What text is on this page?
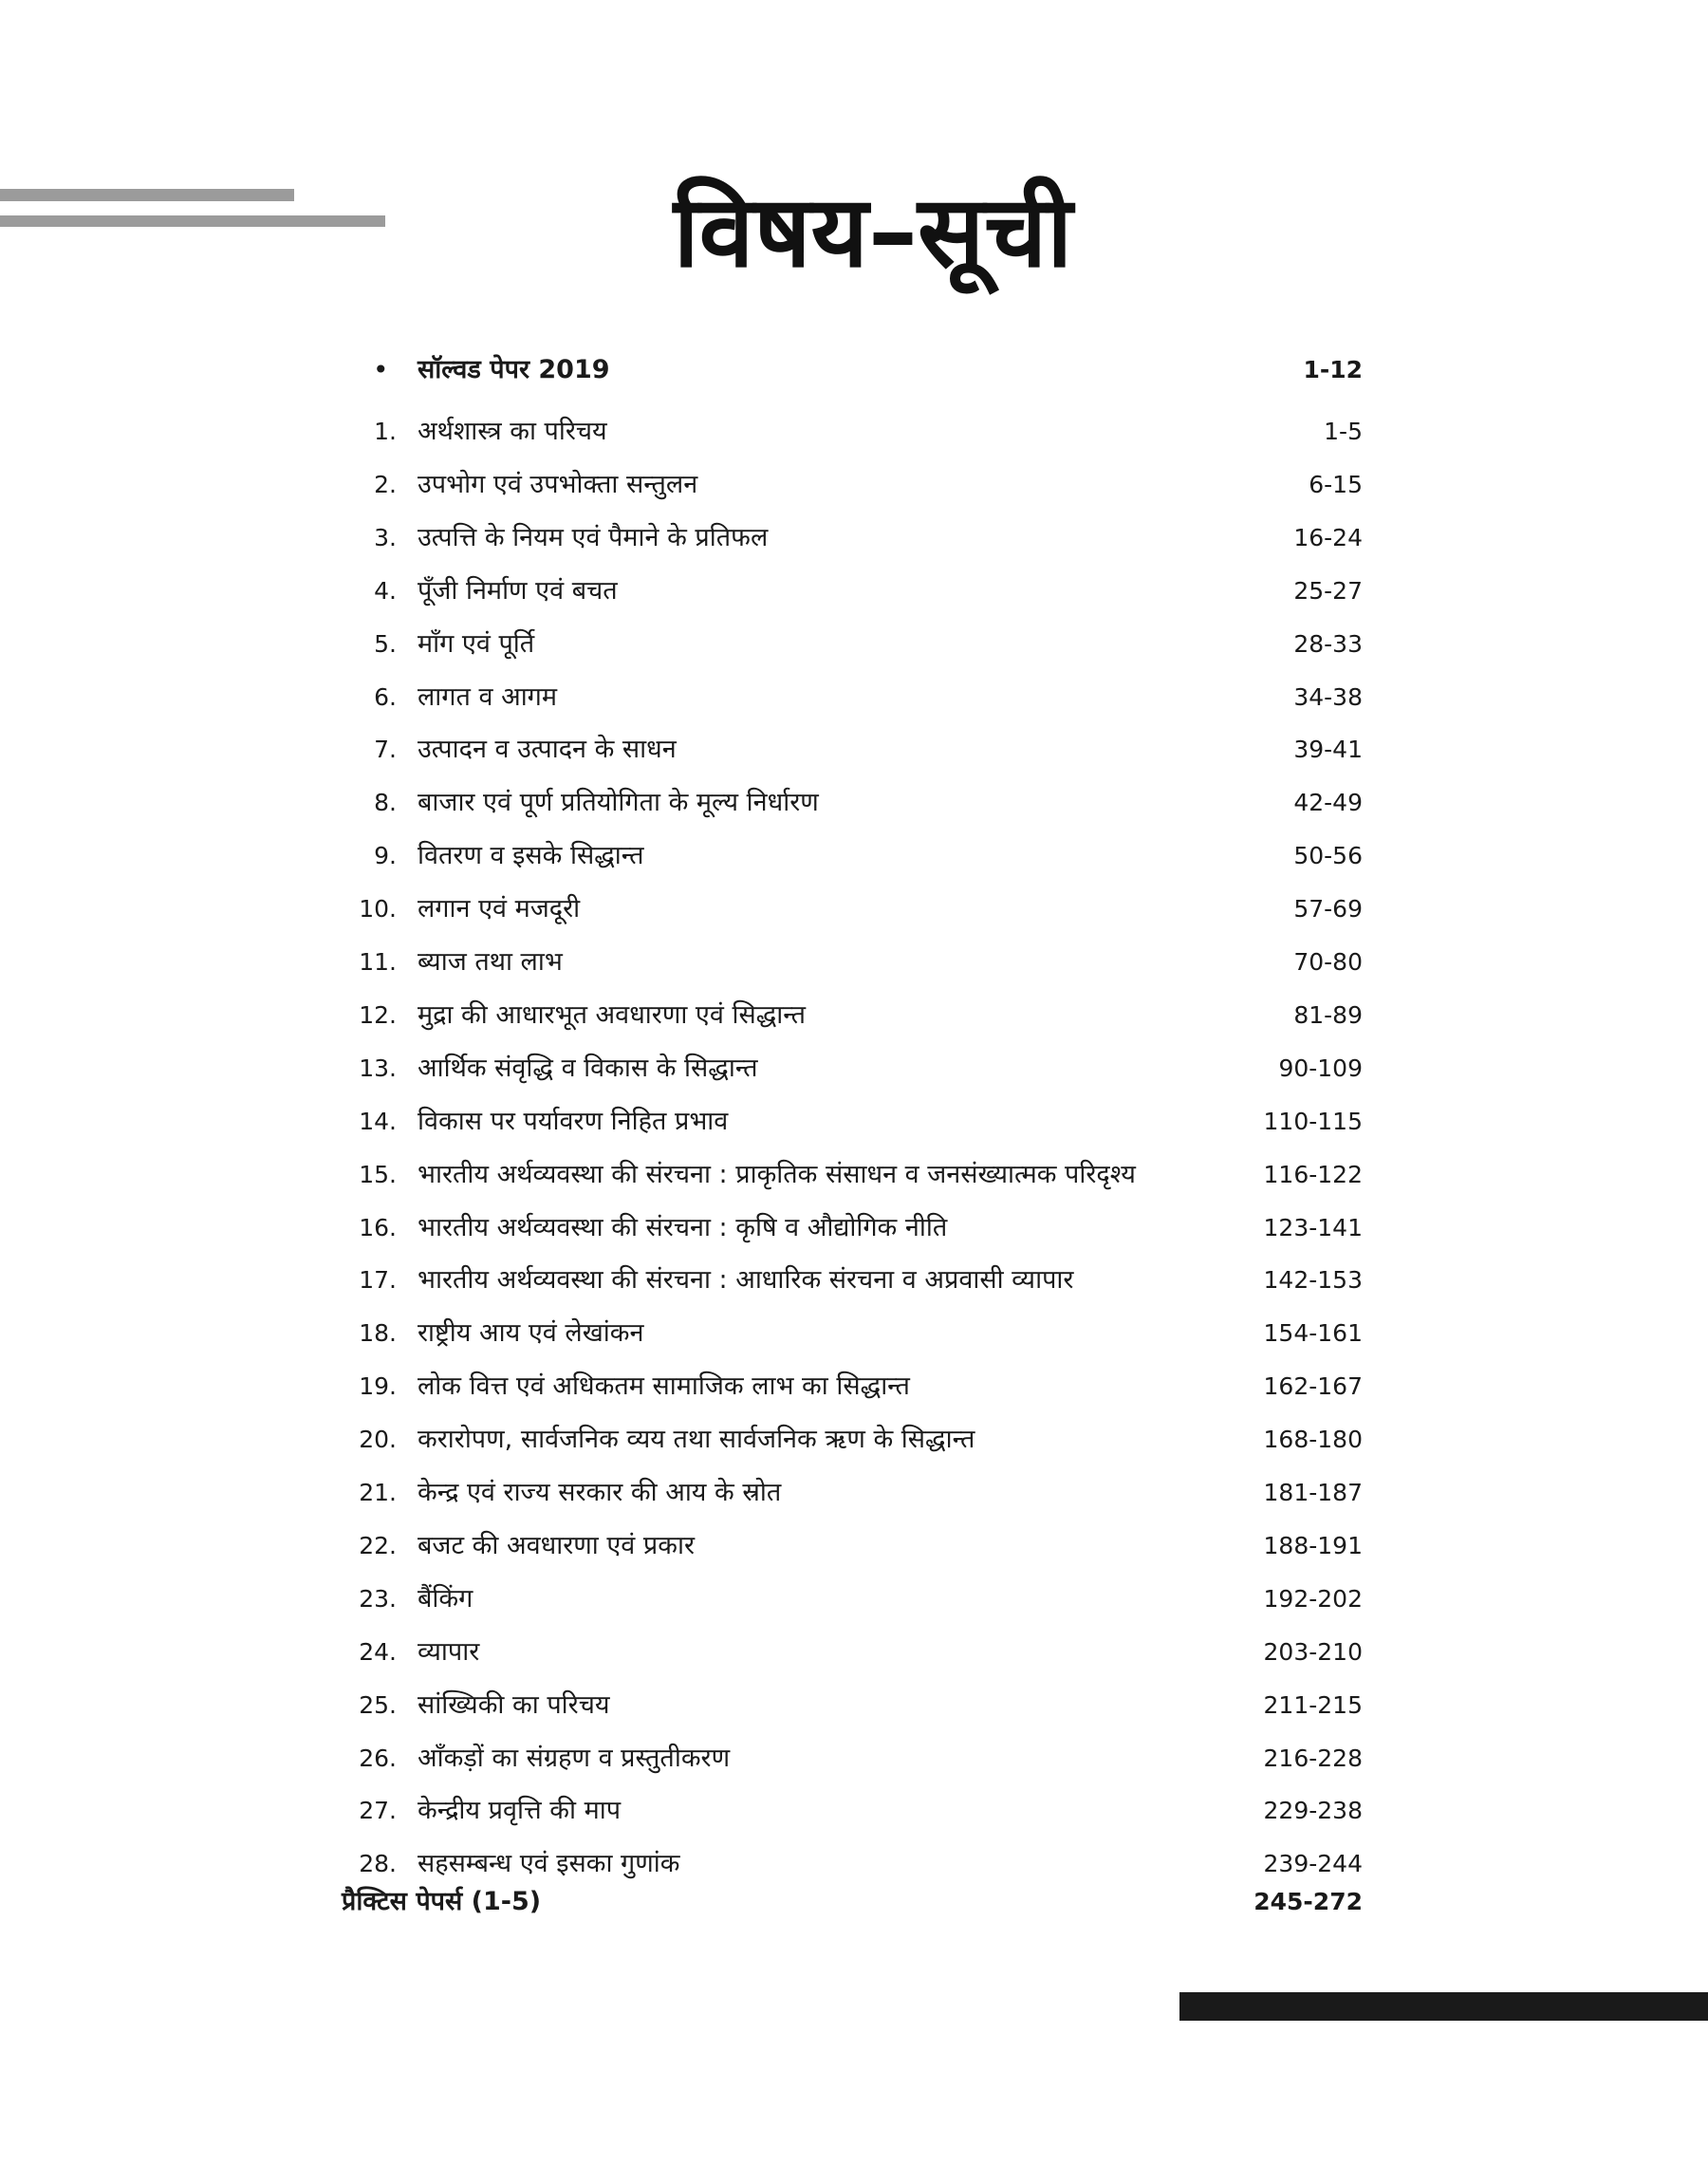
विषय–सूची
• सॉल्वड पेपर 2019	1-12
1. अर्थशास्त्र का परिचय	1-5
2. उपभोग एवं उपभोक्ता सन्तुलन	6-15
3. उत्पत्ति के नियम एवं पैमाने के प्रतिफल	16-24
4. पूँजी निर्माण एवं बचत	25-27
5. माँग एवं पूर्ति	28-33
6. लागत व आगम	34-38
7. उत्पादन व उत्पादन के साधन	39-41
8. बाजार एवं पूर्ण प्रतियोगिता के मूल्य निर्धारण	42-49
9. वितरण व इसके सिद्धान्त	50-56
10. लगान एवं मजदूरी	57-69
11. ब्याज तथा लाभ	70-80
12. मुद्रा की आधारभूत अवधारणा एवं सिद्धान्त	81-89
13. आर्थिक संवृद्धि व विकास के सिद्धान्त	90-109
14. विकास पर पर्यावरण निहित प्रभाव	110-115
15. भारतीय अर्थव्यवस्था की संरचना : प्राकृतिक संसाधन व जनसंख्यात्मक परिदृश्य	116-122
16. भारतीय अर्थव्यवस्था की संरचना : कृषि व औद्योगिक नीति	123-141
17. भारतीय अर्थव्यवस्था की संरचना : आधारिक संरचना व अप्रवासी व्यापार	142-153
18. राष्ट्रीय आय एवं लेखांकन	154-161
19. लोक वित्त एवं अधिकतम सामाजिक लाभ का सिद्धान्त	162-167
20. करारोपण, सार्वजनिक व्यय तथा सार्वजनिक ऋण के सिद्धान्त	168-180
21. केन्द्र एवं राज्य सरकार की आय के स्रोत	181-187
22. बजट की अवधारणा एवं प्रकार	188-191
23. बैंकिंग	192-202
24. व्यापार	203-210
25. सांख्यिकी का परिचय	211-215
26. आँकड़ों का संग्रहण व प्रस्तुतीकरण	216-228
27. केन्द्रीय प्रवृत्ति की माप	229-238
28. सहसम्बन्ध एवं इसका गुणांक	239-244
प्रैक्टिस पेपर्स (1-5)	245-272
